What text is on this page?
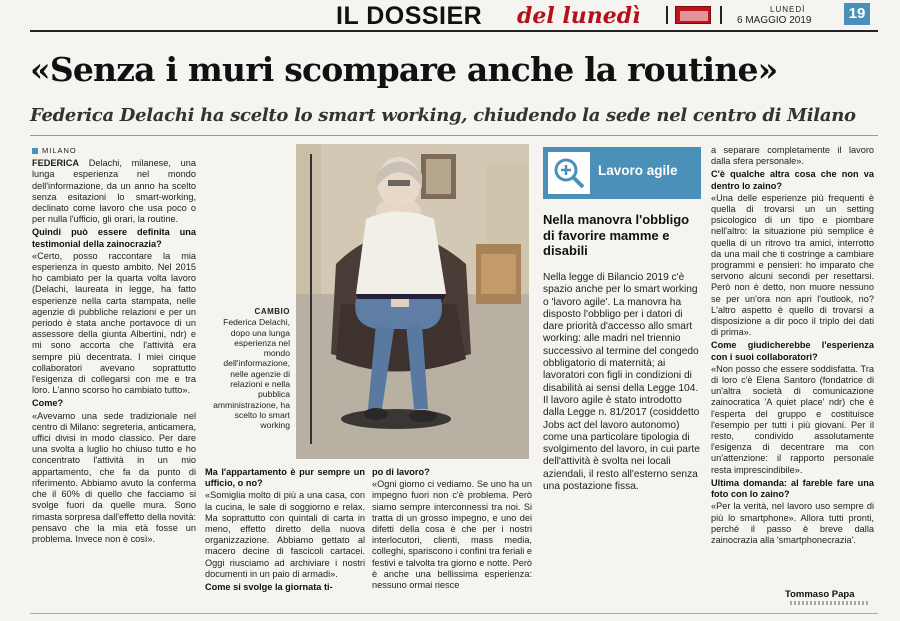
IL DOSSIER del lunedì	LUNEDÌ
6 MAGGIO 2019	19
«Senza i muri scompare anche la routine»
Federica Delachi ha scelto lo smart working, chiudendo la sede nel centro di Milano
MILANO

FEDERICA Delachi, milanese, una lunga esperienza nel mondo dell'informazione, da un anno ha scelto senza esitazioni lo smart-working, declinato come lavoro che usa poco o per nulla l'ufficio, gli orari, la routine.

Quindi può essere definita una testimonial della zainocrazia?

«Certo, posso raccontare la mia esperienza in questo ambito. Nel 2015 ho cambiato per la quarta volta lavoro (Delachi, laureata in legge, ha fatto esperienze nella carta stampata, nelle agenzie di pubbliche relazioni e per un periodo è stata anche portavoce di un assessore della giunta Albertini, ndr) e mi sono accorta che l'attività era sempre più decentrata. I miei cinque collaboratori avevano soprattutto l'esigenza di collegarsi con me e tra loro. L'anno scorso ho cambiato tutto».

Come?

«Avevamo una sede tradizionale nel centro di Milano: segreteria, anticamera, uffici divisi in modo classico. Per dare una svolta a luglio ho chiuso tutto e ho concentrato l'attività in un mio appartamento, che fa da punto di riferimento. Abbiamo avuto la conferma che il 60% di quello che facciamo si svolge fuori da quelle mura. Sono rimasta sorpresa dall'effetto della novità: pensavo che la mia età fosse un problema. Invece non è così».

CAMBIO
Federica Delachi, dopo una lunga esperienza nel mondo dell'informazione, nelle agenzie di relazioni e nella pubblica amministrazione, ha scelto lo smart working

Ma l'appartamento è pur sempre un ufficio, o no?

«Somiglia molto di più a una casa, con la cucina, le sale di soggiorno e relax. Ma soprattutto con quintali di carta in meno, effetto diretto della nuova organizzazione. Abbiamo gettato al macero decine di fascicoli cartacei. Oggi riusciamo ad archiviare i nostri documenti in un paio di armadi».

Come si svolge la giornata ti-

po di lavoro?

«Ogni giorno ci vediamo. Se uno ha un impegno fuori non c'è problema. Però siamo sempre interconnessi tra noi. Si tratta di un grosso impegno, e uno dei difetti della cosa è che per i nostri interlocutori, clienti, mass media, colleghi, spariscono i confini tra feriali e festivi e talvolta tra giorno e notte. Però è anche una bellissima esperienza: nessuno ormai riesce

Lavoro agile
Nella manovra l'obbligo di favorire mamme e disabili
Nella legge di Bilancio 2019 c'è spazio anche per lo smart working o 'lavoro agile'. La manovra ha disposto l'obbligo per i datori di dare priorità d'accesso allo smart working: alle madri nel triennio successivo al termine del congedo obbligatorio di maternità; ai lavoratori con figli in condizioni di disabilità ai sensi della Legge 104. Il lavoro agile è stato introdotto dalla Legge n. 81/2017 (cosiddetto Jobs act del lavoro autonomo) come una particolare tipologia di svolgimento del lavoro, in cui parte dell'attività è svolta nei locali aziendali, il resto all'esterno senza una postazione fissa.

a separare completamente il lavoro dalla sfera personale».

C'è qualche altra cosa che non va dentro lo zaino?

«Una delle esperienze più frequenti è quella di trovarsi un un setting psicologico di un tipo e piombare nell'altro: la situazione più semplice è quella di un ritrovo tra amici, interrotto da una mail che ti costringe a cambiare programmi e pensieri: ho imparato che servono alcuni secondi per resettarsi. Però non è detto, non muore nessuno se per un'ora non apri l'outlook, no? L'altro aspetto è quello di trovarsi a disposizione a dir poco il triplo dei dati di prima».

Come giudicherebbe l'esperienza con i suoi collaboratori?

«Non posso che essere soddisfatta. Tra di loro c'è Elena Santoro (fondatrice di un'altra società di comunicazione zainocratica 'A quiet place' ndr) che è l'esperta del gruppo e costituisce l'esempio per tutti i più giovani. Per il resto, condivido assolutamente l'esigenza di decentrare ma con un'attenzione: il rapporto personale resta imprescindibile».

Ultima domanda: al fareble fare una foto con lo zaino?

«Per la verità, nel lavoro uso sempre di più lo smartphone». Allora tutti pronti, perché il passo è breve dalla zainocrazia alla 'smartphonecrazia'.

Tommaso Papa
